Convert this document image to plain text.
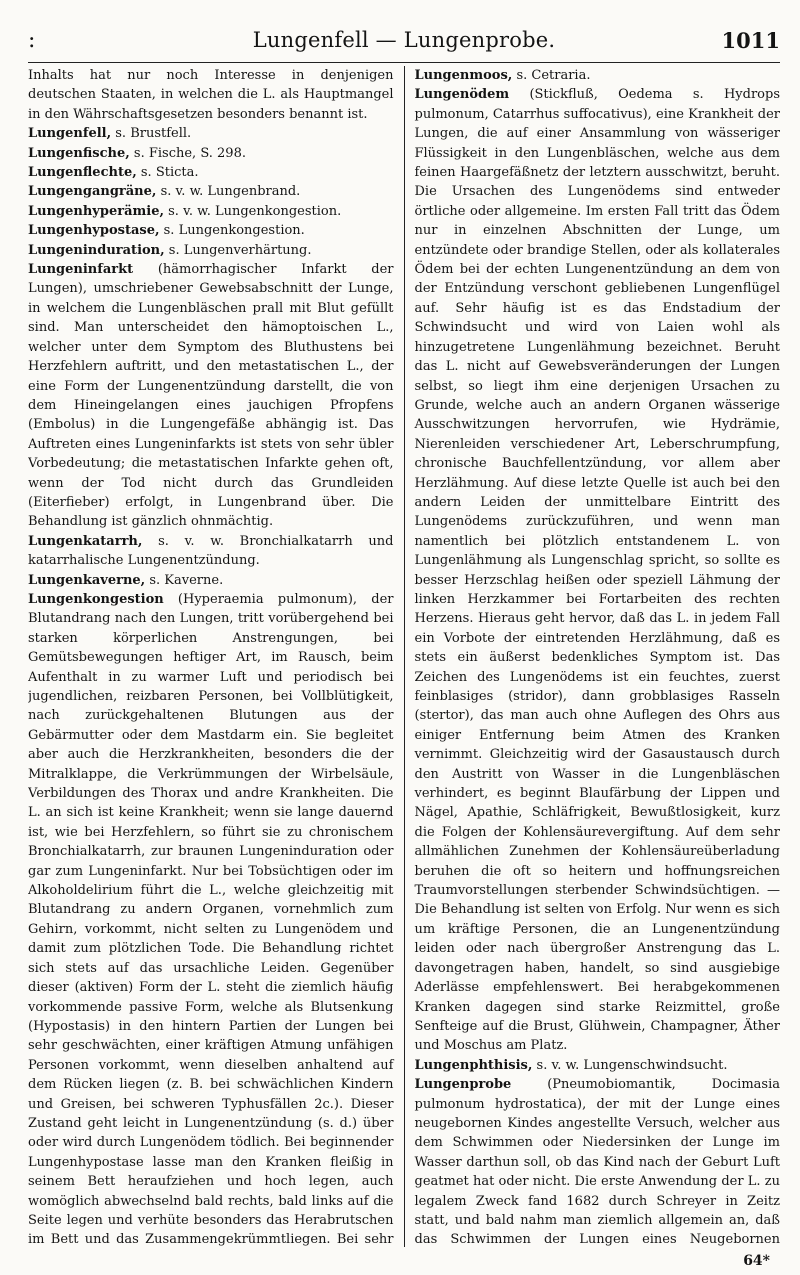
:	Lungenfell — Lungenprobe.	1011

Inhalts hat nur noch Interesse in denjenigen deutschen Staaten, in welchen die L. als Hauptmangel in den Währschaftsgesetzen besonders benannt ist.

Lungenfell, s. Brustfell.

Lungenfische, s. Fische, S. 298.

Lungenflechte, s. Sticta.

Lungengangräne, s. v. w. Lungenbrand.

Lungenhyperämie, s. v. w. Lungenkongestion.

Lungenhypostase, s. Lungenkongestion.

Lungeninduration, s. Lungenverhärtung.

Lungeninfarkt (hämorrhagischer Infarkt der Lungen), umschriebener Gewebsabschnitt der Lunge, in welchem die Lungenbläschen prall mit Blut gefüllt sind. Man unterscheidet den hämoptoischen L., welcher unter dem Symptom des Bluthustens bei Herzfehlern auftritt, und den metastatischen L., der eine Form der Lungenentzündung darstellt, die von dem Hineingelangen eines jauchigen Pfropfens (Embolus) in die Lungengefäße abhängig ist. Das Auftreten eines Lungeninfarkts ist stets von sehr übler Vorbedeutung; die metastatischen Infarkte gehen oft, wenn der Tod nicht durch das Grundleiden (Eiterfieber) erfolgt, in Lungenbrand über. Die Behandlung ist gänzlich ohnmächtig.

Lungenkatarrh, s. v. w. Bronchialkatarrh und katarrhalische Lungenentzündung.

Lungenkaverne, s. Kaverne.

Lungenkongestion (Hyperaemia pulmonum), der Blutandrang nach den Lungen, tritt vorübergehend bei starken körperlichen Anstrengungen, bei Gemütsbewegungen heftiger Art, im Rausch, beim Aufenthalt in zu warmer Luft und periodisch bei jugendlichen, reizbaren Personen, bei Vollblütigkeit, nach zurückgehaltenen Blutungen aus der Gebärmutter oder dem Mastdarm ein. Sie begleitet aber auch die Herzkrankheiten, besonders die der Mitralklappe, die Verkrümmungen der Wirbelsäule, Verbildungen des Thorax und andre Krankheiten. Die L. an sich ist keine Krankheit; wenn sie lange dauernd ist, wie bei Herzfehlern, so führt sie zu chronischem Bronchialkatarrh, zur braunen Lungeninduration oder gar zum Lungeninfarkt. Nur bei Tobsüchtigen oder im Alkoholdelirium führt die L., welche gleichzeitig mit Blutandrang zu andern Organen, vornehmlich zum Gehirn, vorkommt, nicht selten zu Lungenödem und damit zum plötzlichen Tode. Die Behandlung richtet sich stets auf das ursachliche Leiden. Gegenüber dieser (aktiven) Form der L. steht die ziemlich häufig vorkommende passive Form, welche als Blutsenkung (Hypostasis) in den hintern Partien der Lungen bei sehr geschwächten, einer kräftigen Atmung unfähigen Personen vorkommt, wenn dieselben anhaltend auf dem Rücken liegen (z. B. bei schwächlichen Kindern und Greisen, bei schweren Typhusfällen 2c.). Dieser Zustand geht leicht in Lungenentzündung (s. d.) über oder wird durch Lungenödem tödlich. Bei beginnender Lungenhypostase lasse man den Kranken fleißig in seinem Bett heraufziehen und hoch legen, auch womöglich abwechselnd bald rechts, bald links auf die Seite legen und verhüte besonders das Herabrutschen im Bett und das Zusammengekrümmtliegen. Bei sehr

Lungenmoos, s. Cetraria.

Lungenödem (Stickfluß, Oedema s. Hydrops pulmonum, Catarrhus suffocativus), eine Krankheit der Lungen, die auf einer Ansammlung von wässeriger Flüssigkeit in den Lungenbläschen, welche aus dem feinen Haargefäßnetz der letztern ausschwitzt, beruht. Die Ursachen des Lungenödems sind entweder örtliche oder allgemeine. Im ersten Fall tritt das Ödem nur in einzelnen Abschnitten der Lunge, um entzündete oder brandige Stellen, oder als kollaterales Ödem bei der echten Lungenentzündung an dem von der Entzündung verschont gebliebenen Lungenflügel auf. Sehr häufig ist es das Endstadium der Schwindsucht und wird von Laien wohl als hinzugetretene Lungenlähmung bezeichnet. Beruht das L. nicht auf Gewebsveränderungen der Lungen selbst, so liegt ihm eine derjenigen Ursachen zu Grunde, welche auch an andern Organen wässerige Ausschwitzungen hervorrufen, wie Hydrämie, Nierenleiden verschiedener Art, Leberschrumpfung, chronische Bauchfellentzündung, vor allem aber Herzlähmung. Auf diese letzte Quelle ist auch bei den andern Leiden der unmittelbare Eintritt des Lungenödems zurückzuführen, und wenn man namentlich bei plötzlich entstandenem L. von Lungenlähmung als Lungenschlag spricht, so sollte es besser Herzschlag heißen oder speziell Lähmung der linken Herzkammer bei Fortarbeiten des rechten Herzens. Hieraus geht hervor, daß das L. in jedem Fall ein Vorbote der eintretenden Herzlähmung, daß es stets ein äußerst bedenkliches Symptom ist. Das Zeichen des Lungenödems ist ein feuchtes, zuerst feinblasiges (stridor), dann grobblasiges Rasseln (stertor), das man auch ohne Auflegen des Ohrs aus einiger Entfernung beim Atmen des Kranken vernimmt. Gleichzeitig wird der Gasaustausch durch den Austritt von Wasser in die Lungenbläschen verhindert, es beginnt Blaufärbung der Lippen und Nägel, Apathie, Schläfrigkeit, Bewußtlosigkeit, kurz die Folgen der Kohlensäurevergiftung. Auf dem sehr allmählichen Zunehmen der Kohlensäureüberladung beruhen die oft so heitern und hoffnungsreichen Traumvorstellungen sterbender Schwindsüchtigen. — Die Behandlung ist selten von Erfolg. Nur wenn es sich um kräftige Personen, die an Lungenentzündung leiden oder nach übergroßer Anstrengung das L. davongetragen haben, handelt, so sind ausgiebige Aderlässe empfehlenswert. Bei herabgekommenen Kranken dagegen sind starke Reizmittel, große Senfteige auf die Brust, Glühwein, Champagner, Äther und Moschus am Platz.

Lungenphthisis, s. v. w. Lungenschwindsucht.

Lungenprobe	(Pneumobiomantik, Docimasia pulmonum hydrostatica), der mit der Lunge eines neugebornen Kindes angestellte Versuch, welcher aus dem Schwimmen oder Niedersinken der Lunge im Wasser darthun soll, ob das Kind nach der Geburt Luft geatmet hat oder nicht. Die erste Anwendung der L. zu legalem Zweck fand 1682 durch Schreyer in Zeitz statt, und bald nahm man ziemlich allgemein an, daß das Schwimmen der Lungen eines Neugebornen

64*
